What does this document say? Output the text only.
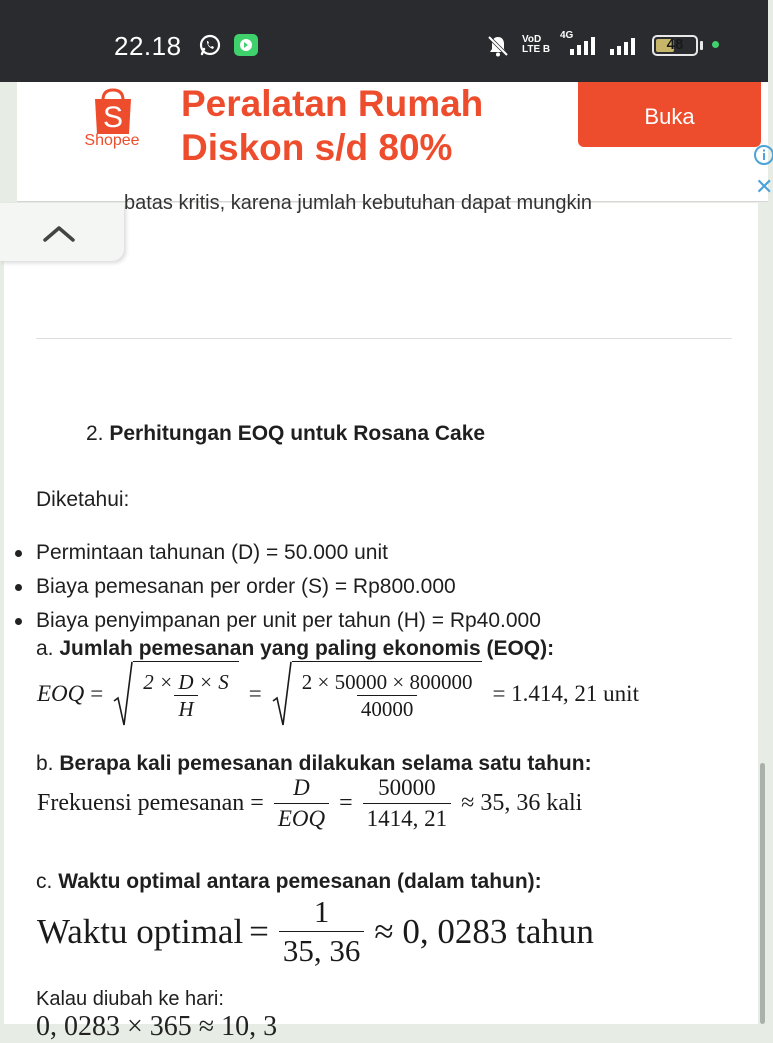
22.18	VoD
LTE B
4G
48
S
Shopee
Peralatan Rumah
Diskon s/d 80%
Buka
✕
batas kritis, karena jumlah kebutuhan dapat mungkin
2. Perhitungan EOQ untuk Rosana Cake
Diketahui:
Permintaan tahunan (D) = 50.000 unit
Biaya pemesanan per order (S) = Rp800.000
Biaya penyimpanan per unit per tahun (H) = Rp40.000
a. Jumlah pemesanan yang paling ekonomis (EOQ):
EOQ = $\frac{2 \times D \times S}{H} = \frac{2 \times 50000 \times 800000}{40000} = 1.414$, 21 unit
b. Berapa kali pemesanan dilakukan selama satu tahun:
Frekuensi pemesanan = $\frac{D}{\text{EOQ}} = \frac{50000}{1414, 21} \approx 35$, 36 kali
c. Waktu optimal antara pemesanan (dalam tahun):
Waktu optimal = $\frac{1}{35, 36} \approx 0$, 0283 tahun
Kalau diubah ke hari:
0, 0283 × 365 ≈ 10, 3
